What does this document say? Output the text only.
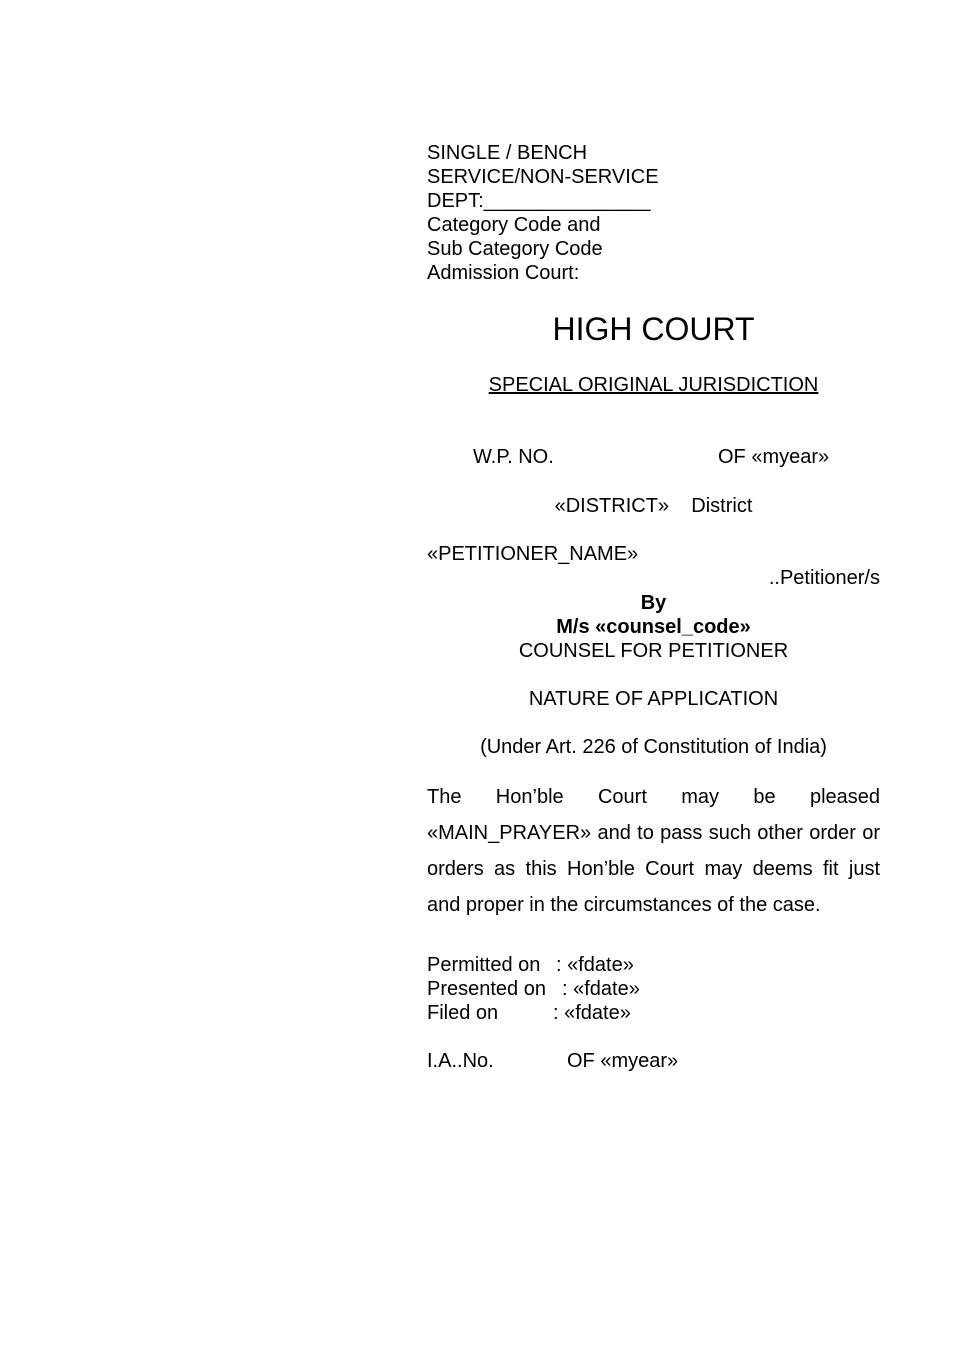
SINGLE / BENCH
SERVICE/NON-SERVICE
DEPT:_______________
Category Code and
Sub Category Code
Admission Court:
HIGH COURT
SPECIAL ORIGINAL JURISDICTION
W.P. NO.	OF «myear»
«DISTRICT»    District
«PETITIONER_NAME»
..Petitioner/s
By
M/s «counsel_code»
COUNSEL FOR PETITIONER
NATURE OF APPLICATION
(Under Art. 226 of Constitution of India)
The Hon’ble Court may be pleased «MAIN_PRAYER» and to pass such other order or orders as this Hon’ble Court may deems fit just and proper in the circumstances of the case.
Permitted on : «fdate»
Presented on : «fdate»
Filed on	: «fdate»
I.A..No.	OF «myear»
